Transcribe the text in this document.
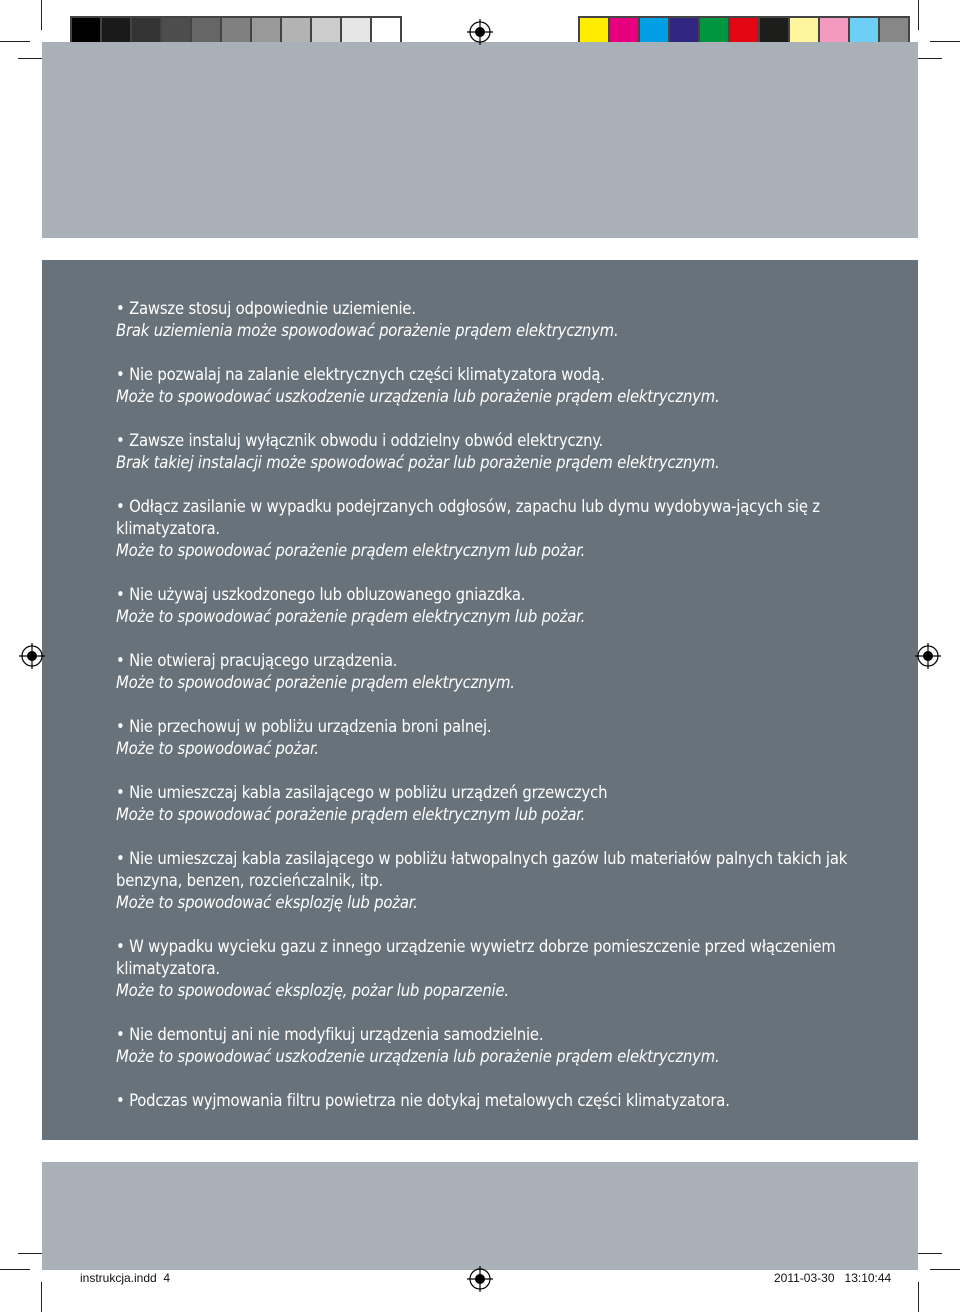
• Zawsze stosuj odpowiednie uziemienie.
Brak uziemienia może spowodować porażenie prądem elektrycznym.
• Nie pozwalaj na zalanie elektrycznych części klimatyzatora wodą.
Może to spowodować uszkodzenie urządzenia lub porażenie prądem elektrycznym.
• Zawsze instaluj wyłącznik obwodu i oddzielny obwód elektryczny.
Brak takiej instalacji może spowodować pożar lub porażenie prądem elektrycznym.
• Odłącz zasilanie w wypadku podejrzanych odgłosów, zapachu lub dymu wydobywa-jących się z klimatyzatora.
Może to spowodować porażenie prądem elektrycznym lub pożar.
• Nie używaj uszkodzonego lub obluzowanego gniazdka.
Może to spowodować porażenie prądem elektrycznym lub pożar.
• Nie otwieraj pracującego urządzenia.
Może to spowodować porażenie prądem elektrycznym.
• Nie przechowuj w pobliżu urządzenia broni palnej.
Może to spowodować pożar.
• Nie umieszczaj kabla zasilającego w pobliżu urządzeń grzewczych
Może to spowodować porażenie prądem elektrycznym lub pożar.
• Nie umieszczaj kabla zasilającego w pobliżu łatwopalnych gazów lub materiałów palnych takich jak benzyna, benzen, rozcieńczalnik, itp.
Może to spowodować eksplozję lub pożar.
• W wypadku wycieku gazu z innego urządzenie wywietrz dobrze pomieszczenie przed włączeniem klimatyzatora.
Może to spowodować eksplozję, pożar lub poparzenie.
• Nie demontuj ani nie modyfikuj urządzenia samodzielnie.
Może to spowodować uszkodzenie urządzenia lub porażenie prądem elektrycznym.
• Podczas wyjmowania filtru powietrza nie dotykaj metalowych części klimatyzatora.
instrukcja.indd 4	2011-03-30 13:10:44
